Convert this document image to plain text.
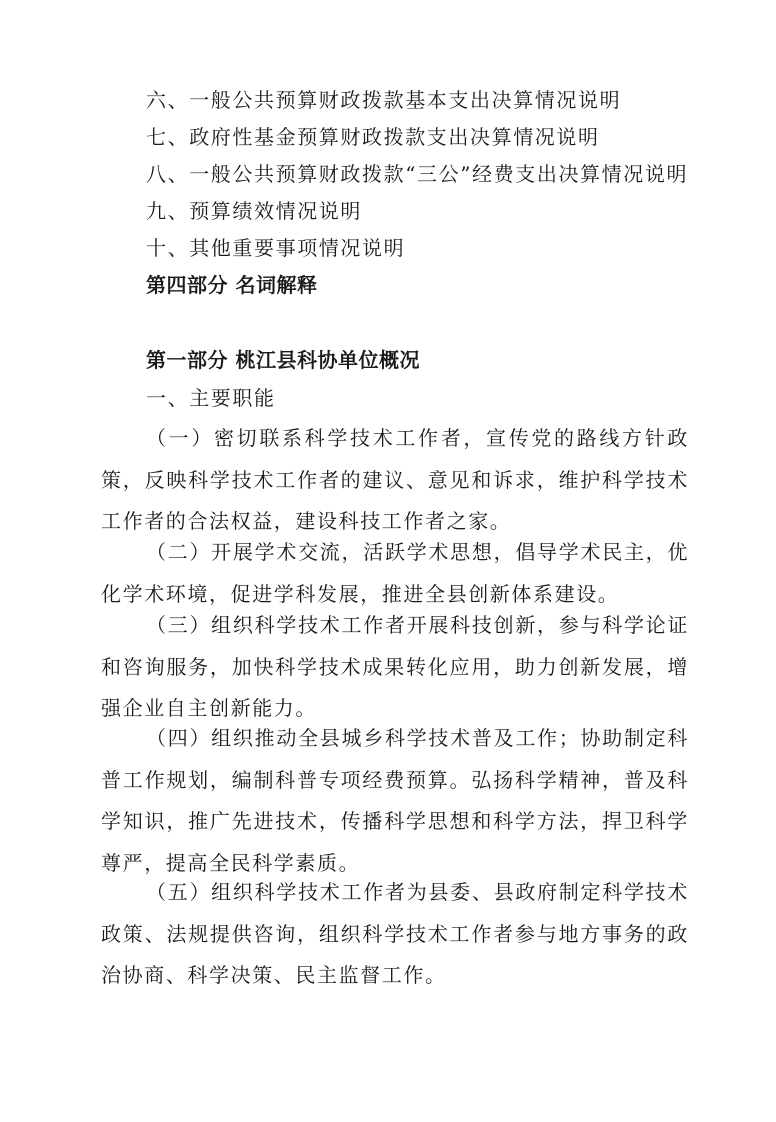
六、一般公共预算财政拨款基本支出决算情况说明
七、政府性基金预算财政拨款支出决算情况说明
八、一般公共预算财政拨款“三公”经费支出决算情况说明
九、预算绩效情况说明
十、其他重要事项情况说明
第四部分 名词解释
第一部分 桃江县科协单位概况
一、主要职能

（一）密切联系科学技术工作者，宣传党的路线方针政策，反映科学技术工作者的建议、意见和诉求，维护科学技术工作者的合法权益，建设科技工作者之家。

（二）开展学术交流，活跃学术思想，倡导学术民主，优化学术环境，促进学科发展，推进全县创新体系建设。

（三）组织科学技术工作者开展科技创新，参与科学论证和咨询服务，加快科学技术成果转化应用，助力创新发展，增强企业自主创新能力。

（四）组织推动全县城乡科学技术普及工作；协助制定科普工作规划，编制科普专项经费预算。弘扬科学精神，普及科学知识，推广先进技术，传播科学思想和科学方法，捍卫科学尊严，提高全民科学素质。

（五）组织科学技术工作者为县委、县政府制定科学技术政策、法规提供咨询，组织科学技术工作者参与地方事务的政治协商、科学决策、民主监督工作。
